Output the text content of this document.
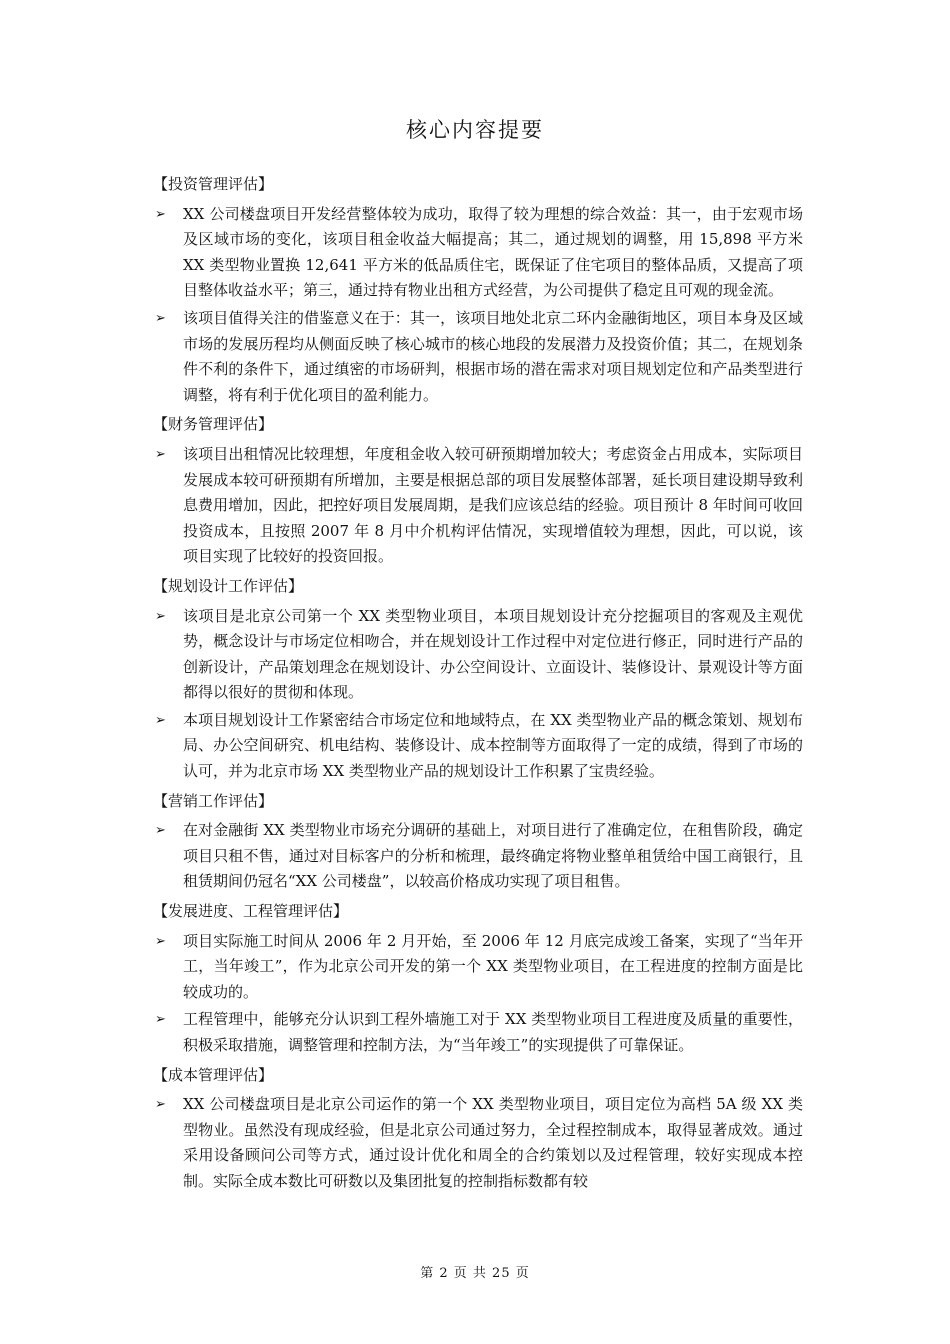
核心内容提要
【投资管理评估】
➢ XX 公司楼盘项目开发经营整体较为成功，取得了较为理想的综合效益：其一，由于宏观市场及区域市场的变化，该项目租金收益大幅提高；其二，通过规划的调整，用 15,898 平方米 XX 类型物业置换 12,641 平方米的低品质住宅，既保证了住宅项目的整体品质，又提高了项目整体收益水平；第三，通过持有物业出租方式经营，为公司提供了稳定且可观的现金流。
➢ 该项目值得关注的借鉴意义在于：其一，该项目地处北京二环内金融街地区，项目本身及区域市场的发展历程均从侧面反映了核心城市的核心地段的发展潜力及投资价值；其二，在规划条件不利的条件下，通过缜密的市场研判，根据市场的潜在需求对项目规划定位和产品类型进行调整，将有利于优化项目的盈利能力。
【财务管理评估】
➢ 该项目出租情况比较理想，年度租金收入较可研预期增加较大；考虑资金占用成本，实际项目发展成本较可研预期有所增加，主要是根据总部的项目发展整体部署，延长项目建设期导致利息费用增加，因此，把控好项目发展周期，是我们应该总结的经验。项目预计 8 年时间可收回投资成本，且按照 2007 年 8 月中介机构评估情况，实现增值较为理想，因此，可以说，该项目实现了比较好的投资回报。
【规划设计工作评估】
➢ 该项目是北京公司第一个 XX 类型物业项目，本项目规划设计充分挖掘项目的客观及主观优势，概念设计与市场定位相吻合，并在规划设计工作过程中对定位进行修正，同时进行产品的创新设计，产品策划理念在规划设计、办公空间设计、立面设计、装修设计、景观设计等方面都得以很好的贯彻和体现。
➢ 本项目规划设计工作紧密结合市场定位和地域特点，在 XX 类型物业产品的概念策划、规划布局、办公空间研究、机电结构、装修设计、成本控制等方面取得了一定的成绩，得到了市场的认可，并为北京市场 XX 类型物业产品的规划设计工作积累了宝贵经验。
【营销工作评估】
➢ 在对金融街 XX 类型物业市场充分调研的基础上，对项目进行了准确定位，在租售阶段，确定项目只租不售，通过对目标客户的分析和梳理，最终确定将物业整单租赁给中国工商银行，且租赁期间仍冠名“XX 公司楼盘”，以较高价格成功实现了项目租售。
【发展进度、工程管理评估】
➢ 项目实际施工时间从 2006 年 2 月开始，至 2006 年 12 月底完成竣工备案，实现了“当年开工，当年竣工”，作为北京公司开发的第一个 XX 类型物业项目，在工程进度的控制方面是比较成功的。
➢ 工程管理中，能够充分认识到工程外墙施工对于 XX 类型物业项目工程进度及质量的重要性，积极采取措施，调整管理和控制方法，为“当年竣工”的实现提供了可靠保证。
【成本管理评估】
➢ XX 公司楼盘项目是北京公司运作的第一个 XX 类型物业项目，项目定位为高档 5A 级 XX 类型物业。虽然没有现成经验，但是北京公司通过努力，全过程控制成本，取得显著成效。通过采用设备顾问公司等方式，通过设计优化和周全的合约策划以及过程管理，较好实现成本控制。实际全成本数比可研数以及集团批复的控制指标数都有较
第 2 页 共 25 页
